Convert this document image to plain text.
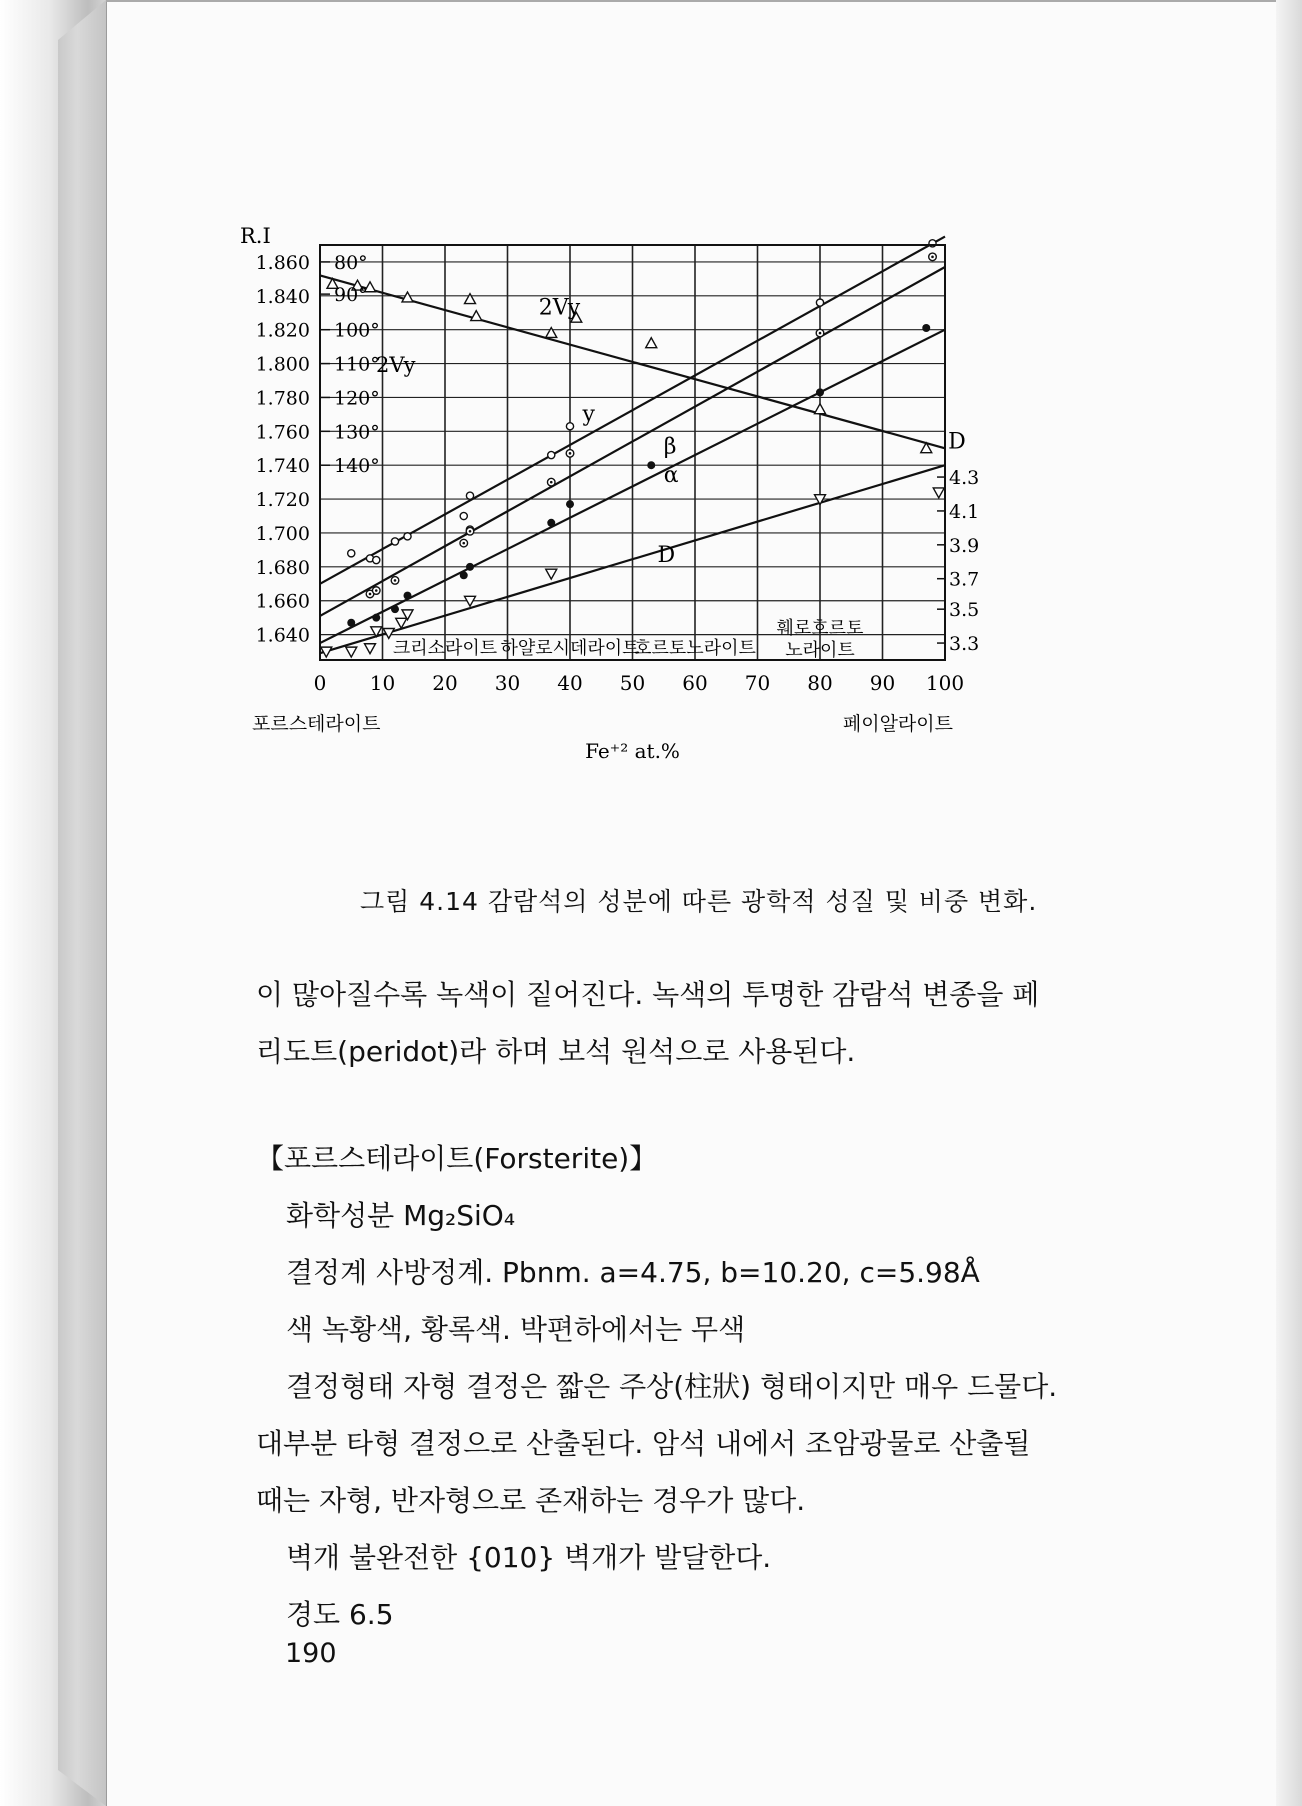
0 10 20 30 40 50 60 70 80 90 100
1.860
1.840
1.820
1.800
1.780
1.760
1.740
1.720
1.700
1.680
1.660
1.640
80°
90°
100°
110°
120°
130°
140°
4.3
4.1
3.9
3.7
3.5
3.3
2Vy
y
β
α
D
D
크리소라이트 하얄로시데라이트
호르토노라이트
훼로호르토
노라이트
R.I
Fe⁺² at.%
포르스테라이트	페이알라이트
2Vy
그림 4.14 감람석의 성분에 따른 광학적 성질 및 비중 변화.

이 많아질수록 녹색이 짙어진다. 녹색의 투명한 감람석 변종을 페

리도트(peridot)라 하며 보석 원석으로 사용된다.

【포르스테라이트(Forsterite)】

화학성분 Mg₂SiO₄

결정계 사방정계. Pbnm. a=4.75, b=10.20, c=5.98Å

색 녹황색, 황록색. 박편하에서는 무색

결정형태 자형 결정은 짧은 주상(柱狀) 형태이지만 매우 드물다.

대부분 타형 결정으로 산출된다. 암석 내에서 조암광물로 산출될

때는 자형, 반자형으로 존재하는 경우가 많다.

벽개 불완전한 {010} 벽개가 발달한다.

경도 6.5

190
